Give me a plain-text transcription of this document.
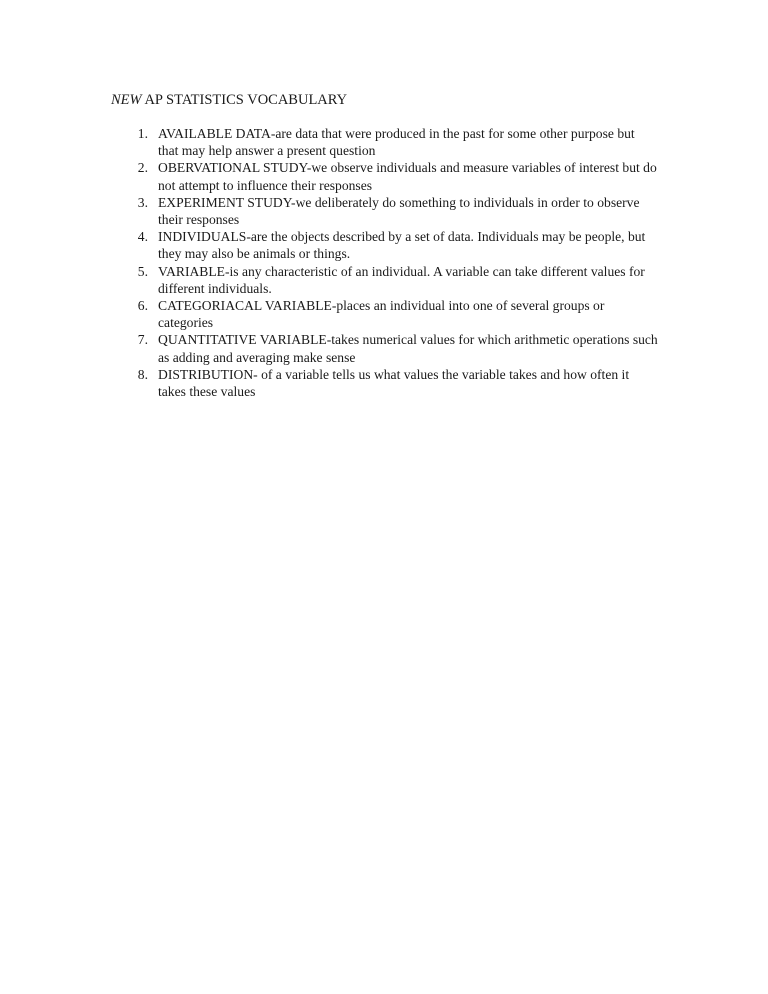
NEW AP STATISTICS VOCABULARY
1. AVAILABLE DATA-are data that were produced in the past for some other purpose but that may help answer a present question
2. OBERVATIONAL STUDY-we observe individuals and measure variables of interest but do not attempt to influence their responses
3. EXPERIMENT STUDY-we deliberately do something to individuals in order to observe their responses
4. INDIVIDUALS-are the objects described by a set of data. Individuals may be people, but they may also be animals or things.
5. VARIABLE-is any characteristic of an individual. A variable can take different values for different individuals.
6. CATEGORIACAL VARIABLE-places an individual into one of several groups or categories
7. QUANTITATIVE VARIABLE-takes numerical values for which arithmetic operations such as adding and averaging make sense
8. DISTRIBUTION- of a variable tells us what values the variable takes and how often it takes these values
